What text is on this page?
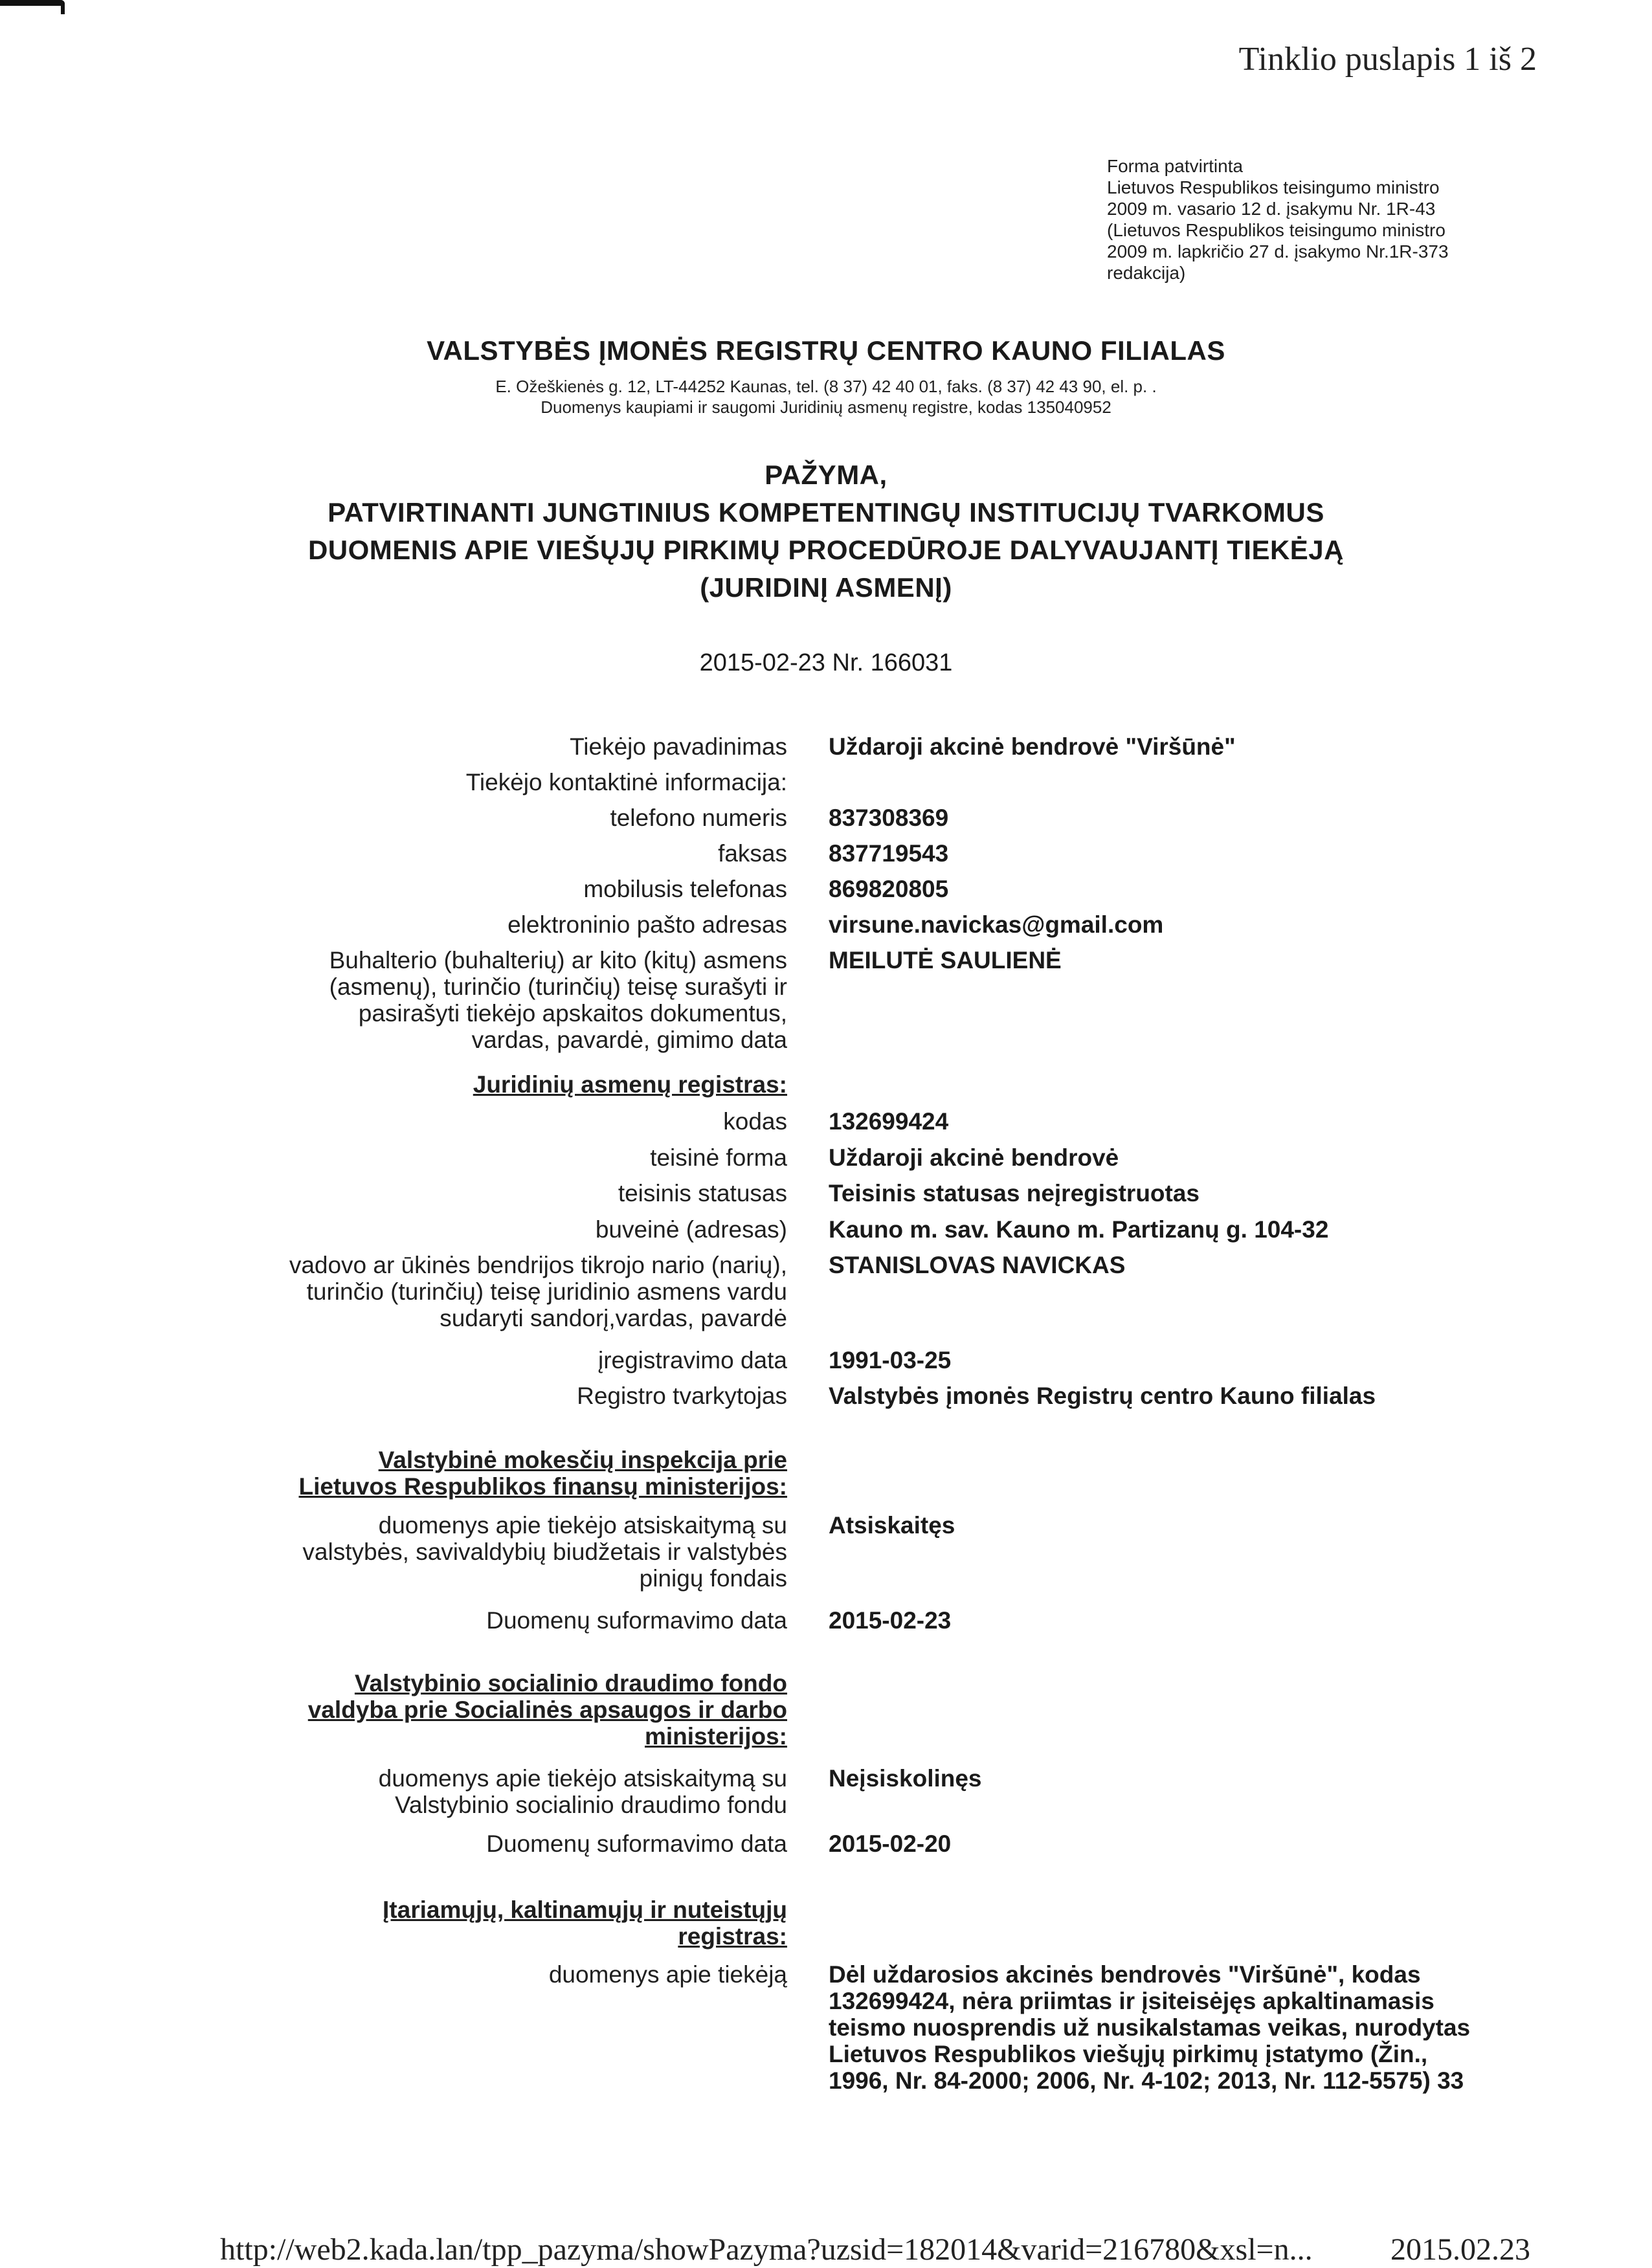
Tinklio puslapis 1 iš 2
Forma patvirtinta
Lietuvos Respublikos teisingumo ministro
2009 m. vasario 12 d. įsakymu Nr. 1R-43
(Lietuvos Respublikos teisingumo ministro
2009 m. lapkričio 27 d. įsakymo Nr.1R-373
redakcija)
VALSTYBĖS ĮMONĖS REGISTRŲ CENTRO KAUNO FILIALAS
E. Ožeškienės g. 12, LT-44252 Kaunas, tel. (8 37) 42 40 01, faks. (8 37) 42 43 90, el. p. .
Duomenys kaupiami ir saugomi Juridinių asmenų registre, kodas 135040952
PAŽYMA,
PATVIRTINANTI JUNGTINIUS KOMPETENTINGŲ INSTITUCIJŲ TVARKOMUS
DUOMENIS APIE VIEŠŲJŲ PIRKIMŲ PROCEDŪROJE DALYVAUJANTĮ TIEKĖJĄ
(JURIDINĮ ASMENĮ)
2015-02-23 Nr. 166031
Tiekėjo pavadinimas Uždaroji akcinė bendrovė "Viršūnė"
Tiekėjo kontaktinė informacija:
telefono numeris 837308369
faksas 837719543
mobilusis telefonas 869820805
elektroninio pašto adresas virsune.navickas@gmail.com
Buhalterio (buhalterių) ar kito (kitų) asmens
(asmenų), turinčio (turinčių) teisę surašyti ir
pasirašyti tiekėjo apskaitos dokumentus,
vardas, pavardė, gimimo data
MEILUTĖ SAULIENĖ
Juridinių asmenų registras:
kodas 132699424
teisinė forma Uždaroji akcinė bendrovė
teisinis statusas Teisinis statusas neįregistruotas
buveinė (adresas) Kauno m. sav. Kauno m. Partizanų g. 104-32
vadovo ar ūkinės bendrijos tikrojo nario (narių),
turinčio (turinčių) teisę juridinio asmens vardu
sudaryti sandorį,vardas, pavardė
STANISLOVAS NAVICKAS
įregistravimo data 1991-03-25
Registro tvarkytojas Valstybės įmonės Registrų centro Kauno filialas
Valstybinė mokesčių inspekcija prie
Lietuvos Respublikos finansų ministerijos:
duomenys apie tiekėjo atsiskaitymą su
valstybės, savivaldybių biudžetais ir valstybės
pinigų fondais
Atsiskaitęs
Duomenų suformavimo data 2015-02-23
Valstybinio socialinio draudimo fondo
valdyba prie Socialinės apsaugos ir darbo
ministerijos:
duomenys apie tiekėjo atsiskaitymą su
Valstybinio socialinio draudimo fondu
Neįsiskolinęs
Duomenų suformavimo data 2015-02-20
Įtariamųjų, kaltinamųjų ir nuteistųjų
registras:
duomenys apie tiekėją Dėl uždarosios akcinės bendrovės "Viršūnė", kodas
132699424, nėra priimtas ir įsiteisėjęs apkaltinamasis
teismo nuosprendis už nusikalstamas veikas, nurodytas
Lietuvos Respublikos viešųjų pirkimų įstatymo (Žin.,
1996, Nr. 84-2000; 2006, Nr. 4-102; 2013, Nr. 112-5575) 33
http://web2.kada.lan/tpp_pazyma/showPazyma?uzsid=182014&varid=216780&xsl=n...	2015.02.23
